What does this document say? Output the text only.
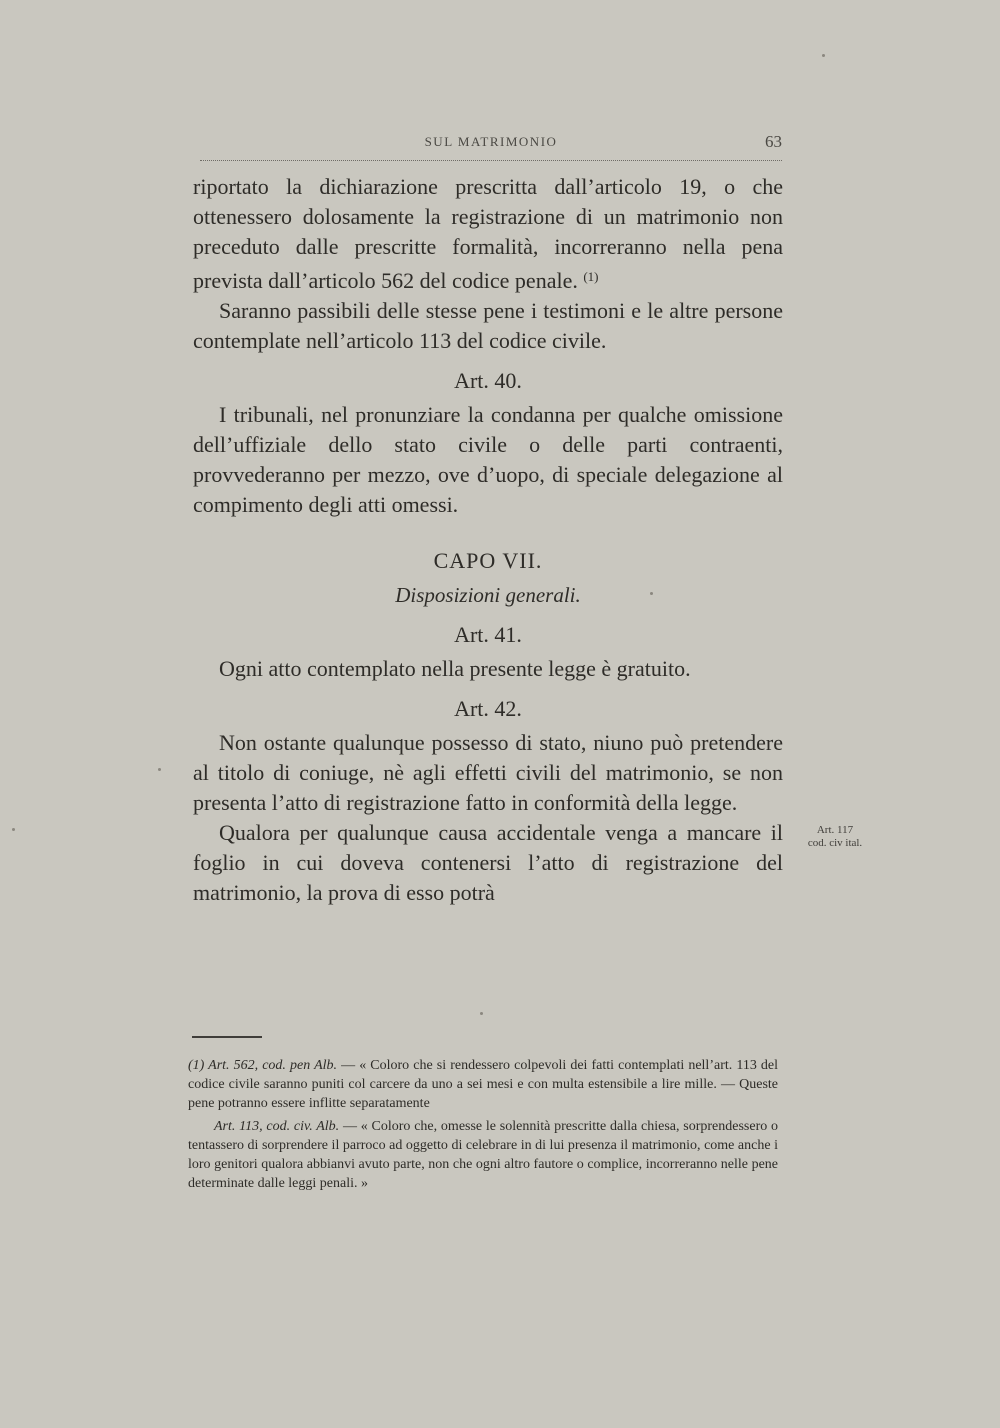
SUL MATRIMONIO	63

riportato la dichiarazione prescritta dall’articolo 19, o che ottenessero dolosamente la registrazione di un matrimonio non preceduto dalle prescritte formalità, incorreranno nella pena prevista dall’articolo 562 del codice penale. $^{(1)}$

Saranno passibili delle stesse pene i testimoni e le altre persone contemplate nell’articolo 113 del codice civile.

Art. 40.

I tribunali, nel pronunziare la condanna per qualche omissione dell’uffiziale dello stato civile o delle parti contraenti, provvederanno per mezzo, ove d’uopo, di speciale delegazione al compimento degli atti omessi.

CAPO VII.
Disposizioni generali.
Art. 41.

Ogni atto contemplato nella presente legge è gratuito.

Art. 42.

Non ostante qualunque possesso di stato, niuno può pretendere al titolo di coniuge, nè agli effetti civili del matrimonio, se non presenta l’atto di registrazione fatto in conformità della legge.

Qualora per qualunque causa accidentale venga a mancare il foglio in cui doveva contenersi l’atto di registrazione del matrimonio, la prova di esso potrà

Art. 117
cod. civ ital.

(1) Art. 562, cod. pen Alb. — « Coloro che si rendessero colpevoli dei fatti contemplati nell’art. 113 del codice civile saranno puniti col carcere da uno a sei mesi e con multa estensibile a lire mille. — Queste pene potranno essere inflitte separatamente

Art. 113, cod. civ. Alb. — « Coloro che, omesse le solennità prescritte dalla chiesa, sorprendessero o tentassero di sorprendere il parroco ad oggetto di celebrare in di lui presenza il matrimonio, come anche i loro genitori qualora abbianvi avuto parte, non che ogni altro fautore o complice, incorreranno nelle pene determinate dalle leggi penali. »
